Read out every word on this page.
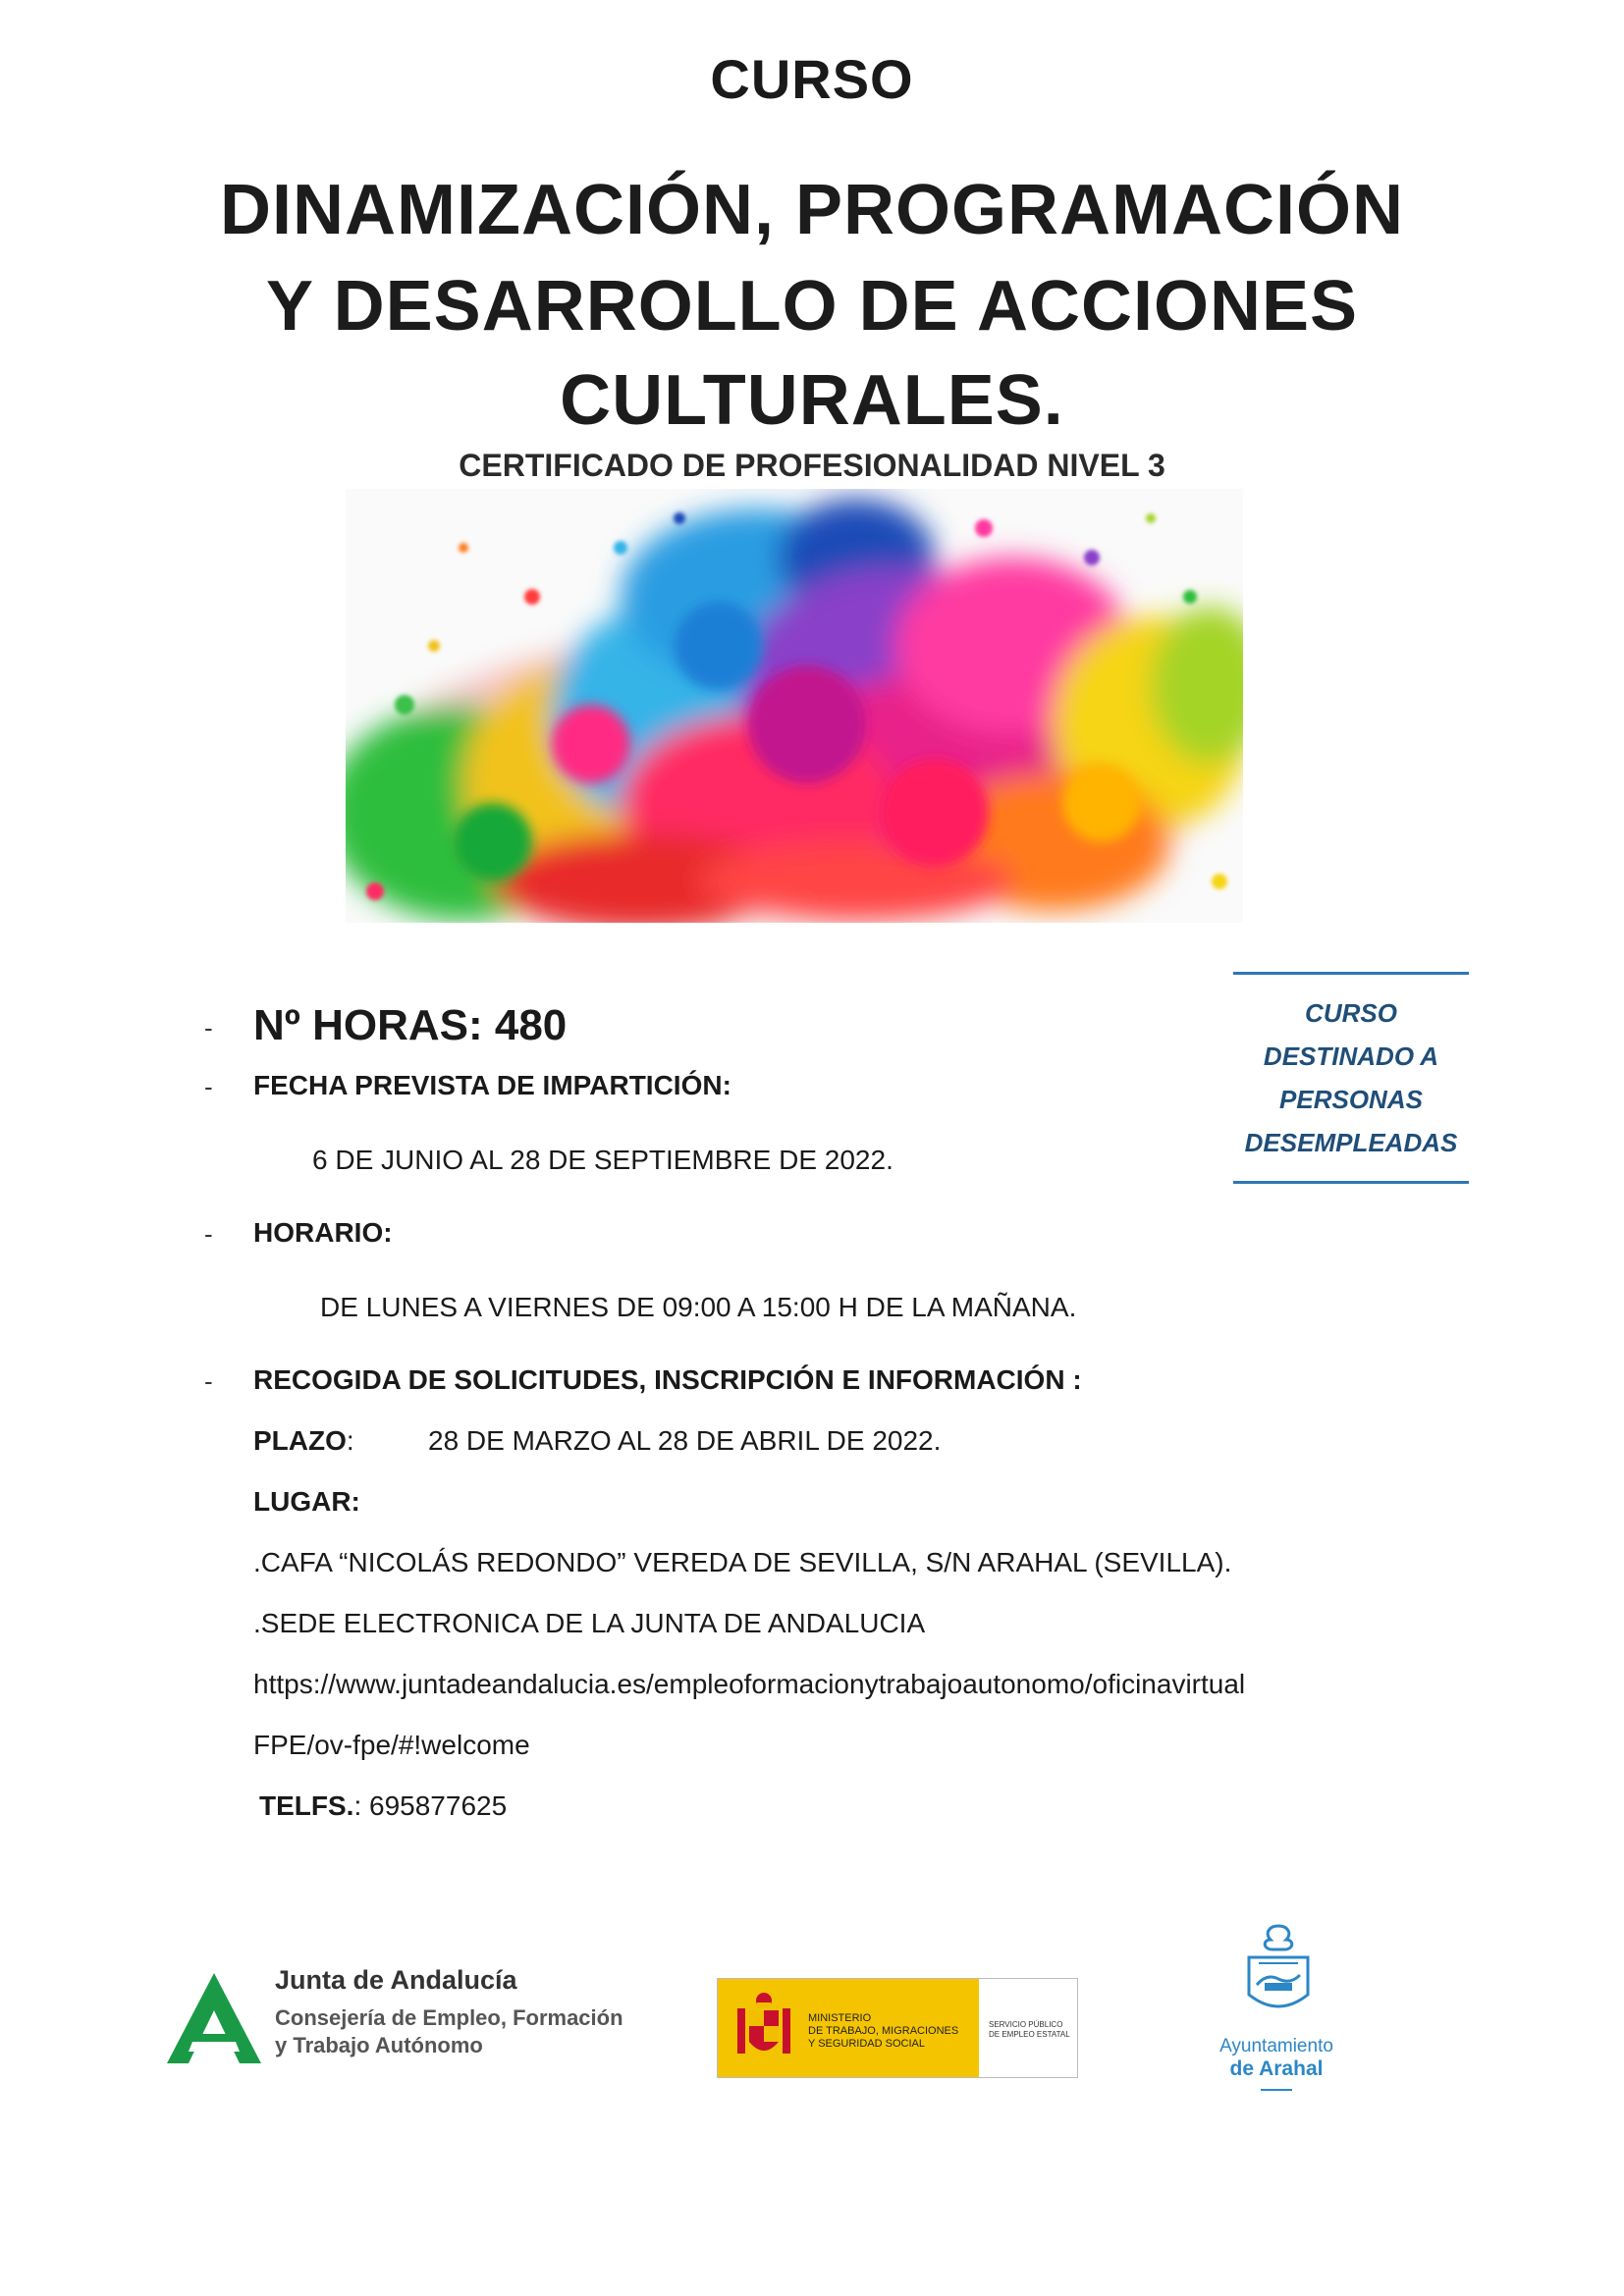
CURSO
DINAMIZACIÓN, PROGRAMACIÓN
Y DESARROLLO DE ACCIONES
CULTURALES.
CERTIFICADO DE PROFESIONALIDAD NIVEL 3
CURSO
DESTINADO A
PERSONAS
DESEMPLEADAS
- Nº HORAS: 480
- FECHA PREVISTA DE IMPARTICIÓN:
6 DE JUNIO AL 28 DE SEPTIEMBRE DE 2022.
- HORARIO:
DE LUNES A VIERNES DE 09:00 A 15:00 H DE LA MAÑANA.
- RECOGIDA DE SOLICITUDES, INSCRIPCIÓN E INFORMACIÓN :
PLAZO:	28 DE MARZO AL 28 DE ABRIL DE 2022.
LUGAR:
.CAFA “NICOLÁS REDONDO” VEREDA DE SEVILLA, S/N ARAHAL (SEVILLA).
.SEDE ELECTRONICA DE LA JUNTA DE ANDALUCIA
https://www.juntadeandalucia.es/empleoformacionytrabajoautonomo/oficinavirtual
FPE/ov-fpe/#!welcome
TELFS.: 695877625
Junta de Andalucía
Consejería de Empleo, Formación
y Trabajo Autónomo
MINISTERIO
DE TRABAJO, MIGRACIONES
Y SEGURIDAD SOCIAL
SERVICIO PÚBLICO
DE EMPLEO ESTATAL
Ayuntamiento
de Arahal
